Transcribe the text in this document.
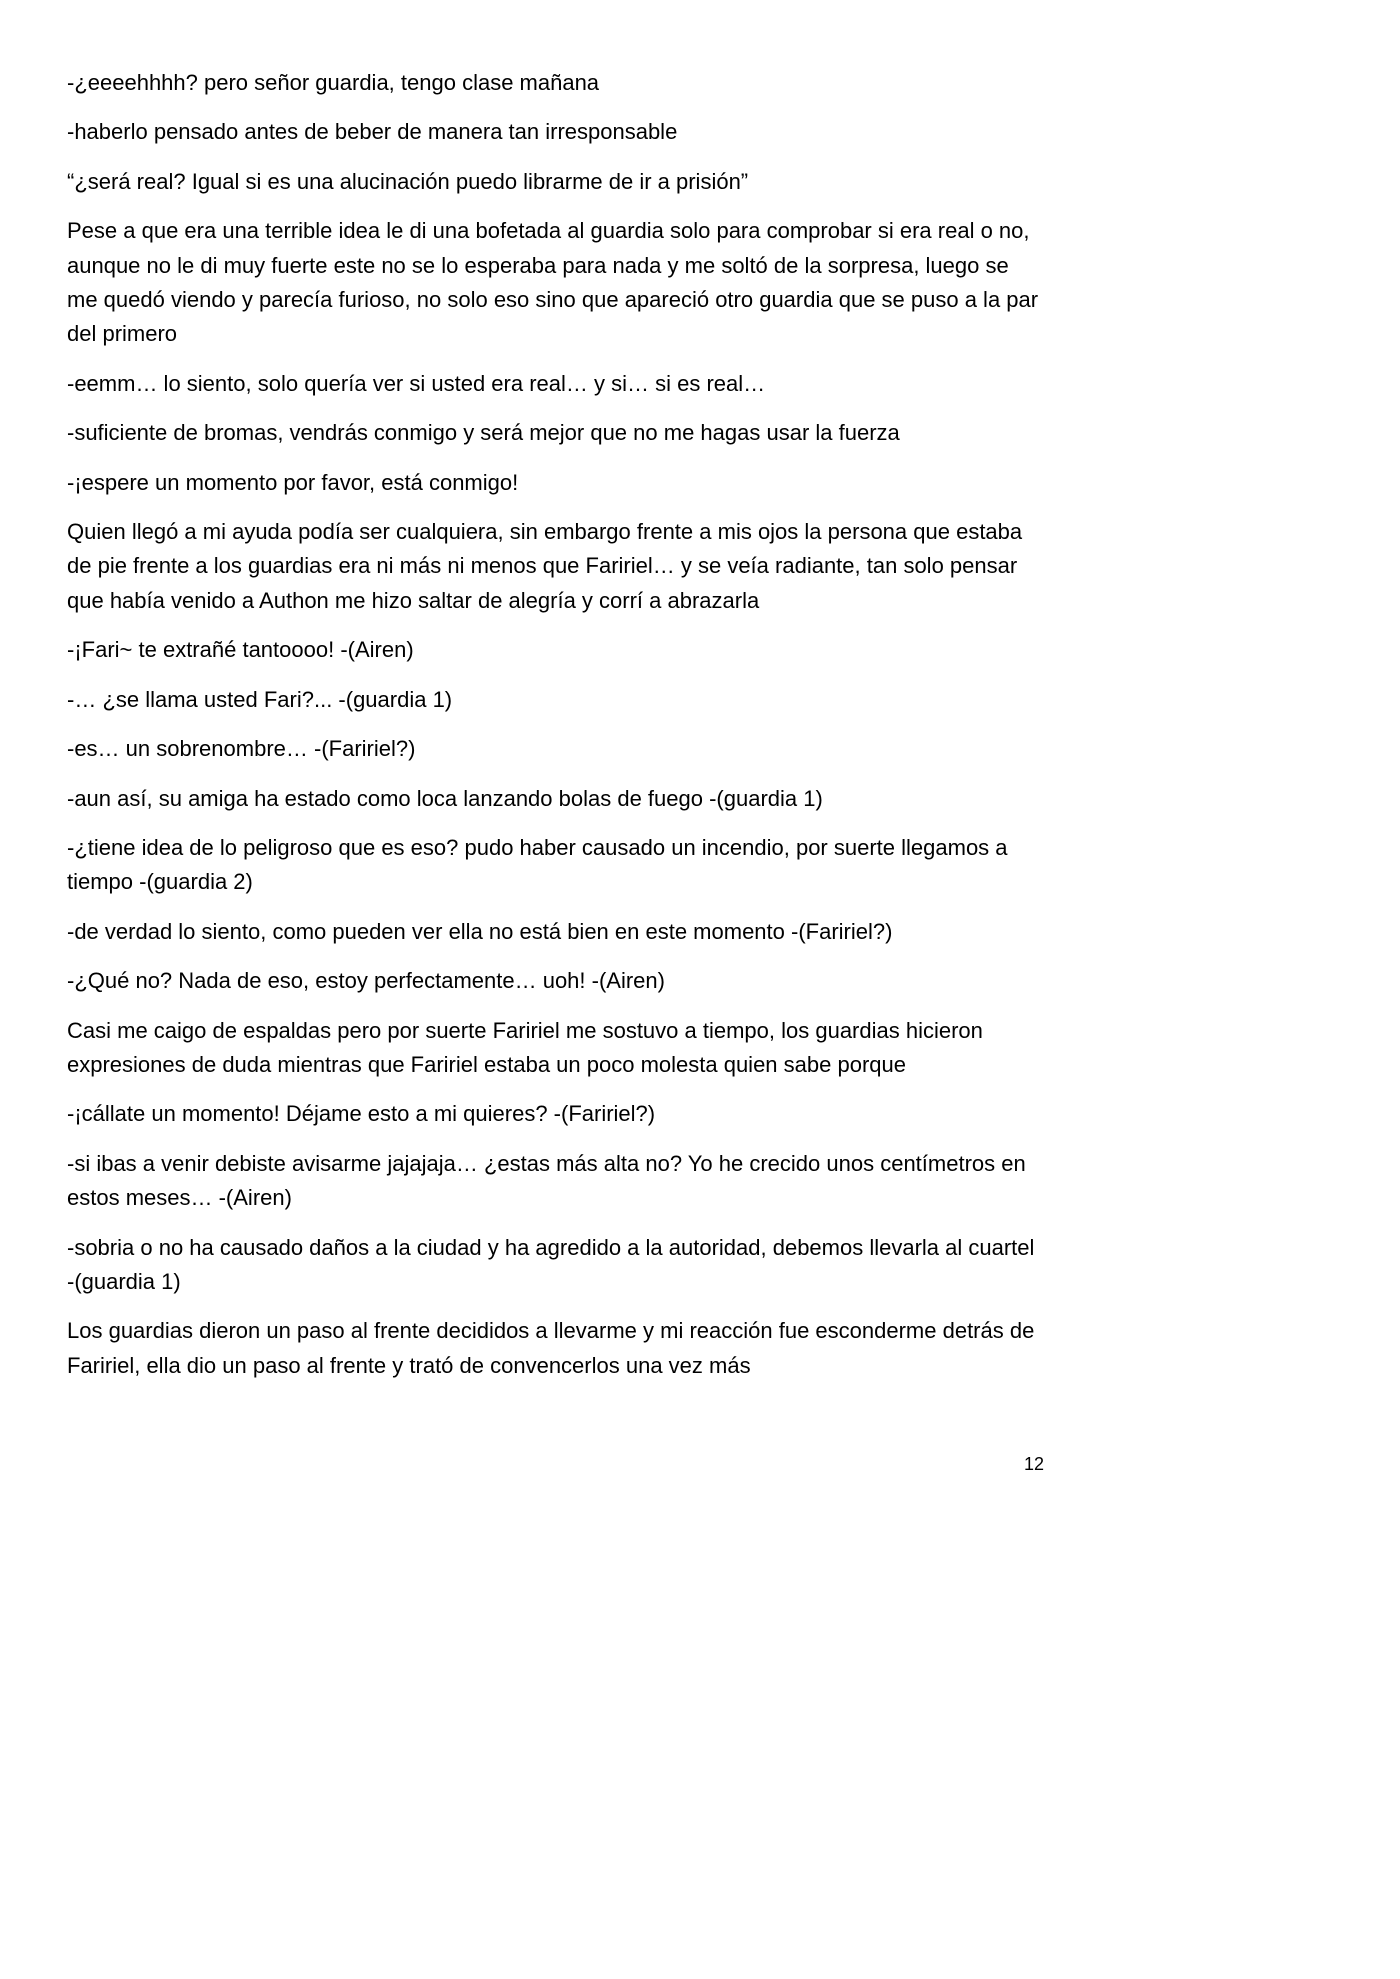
-¿eeeehhhh? pero señor guardia, tengo clase mañana

-haberlo pensado antes de beber de manera tan irresponsable

“¿será real? Igual si es una alucinación puedo librarme de ir a prisión”

Pese a que era una terrible idea le di una bofetada al guardia solo para comprobar si era real o no, aunque no le di muy fuerte este no se lo esperaba para nada y me soltó de la sorpresa, luego se me quedó viendo y parecía furioso, no solo eso sino que apareció otro guardia que se puso a la par del primero

-eemm… lo siento, solo quería ver si usted era real… y si… si es real…

-suficiente de bromas, vendrás conmigo y será mejor que no me hagas usar la fuerza

-¡espere un momento por favor, está conmigo!

Quien llegó a mi ayuda podía ser cualquiera, sin embargo frente a mis ojos la persona que estaba de pie frente a los guardias era ni más ni menos que Faririel… y se veía radiante, tan solo pensar que había venido a Authon me hizo saltar de alegría y corrí a abrazarla

-¡Fari~ te extrañé tantoooo! -(Airen)

-… ¿se llama usted Fari?... -(guardia 1)

-es… un sobrenombre… -(Faririel?)

-aun así, su amiga ha estado como loca lanzando bolas de fuego -(guardia 1)

-¿tiene idea de lo peligroso que es eso? pudo haber causado un incendio, por suerte llegamos a tiempo -(guardia 2)

-de verdad lo siento, como pueden ver ella no está bien en este momento -(Faririel?)

-¿Qué no? Nada de eso, estoy perfectamente… uoh! -(Airen)

Casi me caigo de espaldas pero por suerte Faririel me sostuvo a tiempo, los guardias hicieron expresiones de duda mientras que Faririel estaba un poco molesta quien sabe porque

-¡cállate un momento! Déjame esto a mi quieres? -(Faririel?)

-si ibas a venir debiste avisarme jajajaja… ¿estas más alta no? Yo he crecido unos centímetros en estos meses… -(Airen)

-sobria o no ha causado daños a la ciudad y ha agredido a la autoridad, debemos llevarla al cuartel -(guardia 1)

Los guardias dieron un paso al frente decididos a llevarme y mi reacción fue esconderme detrás de Faririel, ella dio un paso al frente y trató de convencerlos una vez más

12
